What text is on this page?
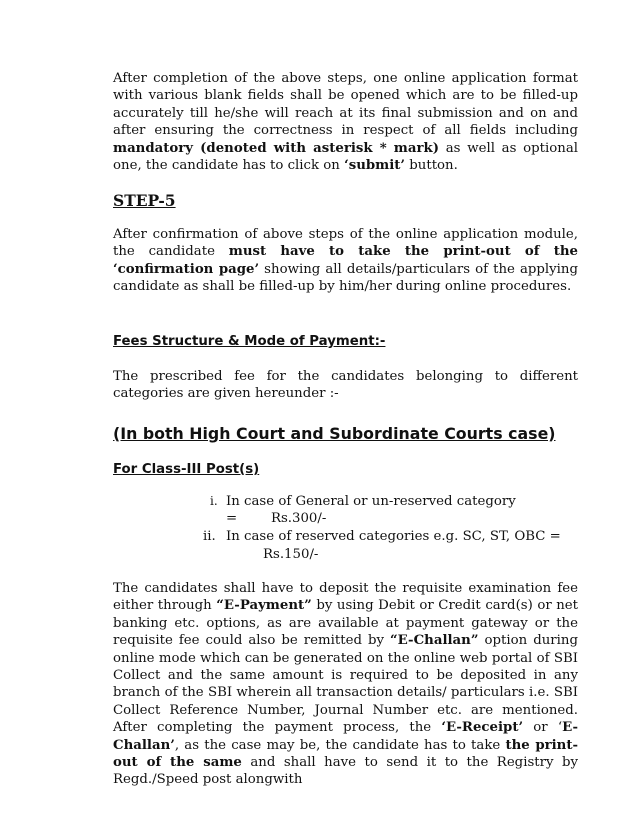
After completion of the above steps, one online application format with various blank fields shall be opened which are to be filled-up accurately till he/she will reach at its final submission and on and after ensuring the correctness in respect of all fields including mandatory (denoted with asterisk * mark) as well as optional one, the candidate has to click on ‘submit’ button.

STEP-5

After confirmation of above steps of the online application module, the candidate must have to take the print-out of the ‘confirmation page’ showing all details/particulars of the applying candidate as shall be filled-up by him/her during online procedures.

Fees Structure & Mode of Payment:-

The prescribed fee for the candidates belonging to different categories are given hereunder :-

(In both High Court and Subordinate Courts case)
For Class-III Post(s)
i. In case of General or un-reserved category

=        Rs.300/-

ii. In case of reserved categories e.g. SC, ST, OBC =

Rs.150/-

The candidates shall have to deposit the requisite examination fee either through “E-Payment” by using Debit or Credit card(s) or net banking etc. options, as are available at payment gateway or the requisite fee could also be remitted by “E-Challan” option during online mode which can be generated on the online web portal of SBI Collect and the same amount is required to be deposited in any branch of the SBI wherein all transaction details/ particulars i.e. SBI Collect Reference Number, Journal Number etc. are mentioned. After completing the payment process, the ‘E-Receipt’ or ‘E-Challan’, as the case may be, the candidate has to take the print-out of the same and shall have to send it to the Registry by Regd./Speed post alongwith
